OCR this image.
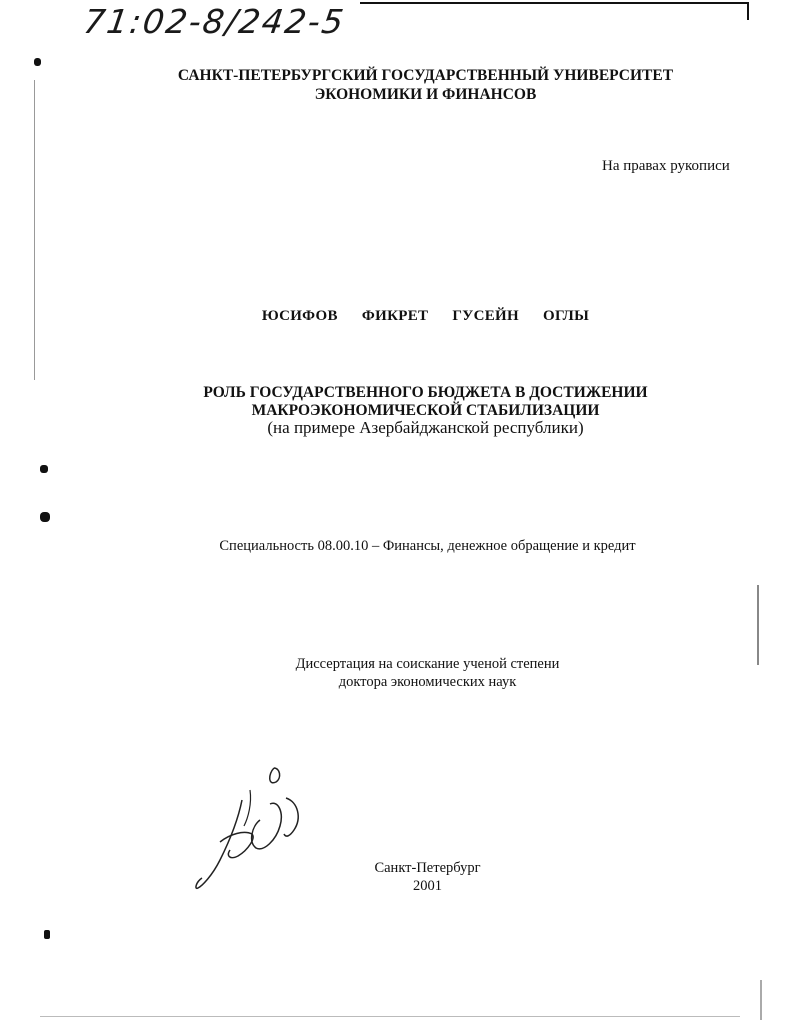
71:02-8/242-5
САНКТ-ПЕТЕРБУРГСКИЙ ГОСУДАРСТВЕННЫЙ УНИВЕРСИТЕТ
ЭКОНОМИКИ И ФИНАНСОВ
На правах рукописи
ЮСИФОВ  ФИКРЕТ  ГУСЕЙН  ОГЛЫ
РОЛЬ ГОСУДАРСТВЕННОГО БЮДЖЕТА В ДОСТИЖЕНИИ
МАКРОЭКОНОМИЧЕСКОЙ СТАБИЛИЗАЦИИ
(на примере Азербайджанской республики)
Специальность 08.00.10 – Финансы, денежное обращение и кредит
Диссертация на соискание ученой степени
доктора экономических наук
Санкт-Петербург
2001
